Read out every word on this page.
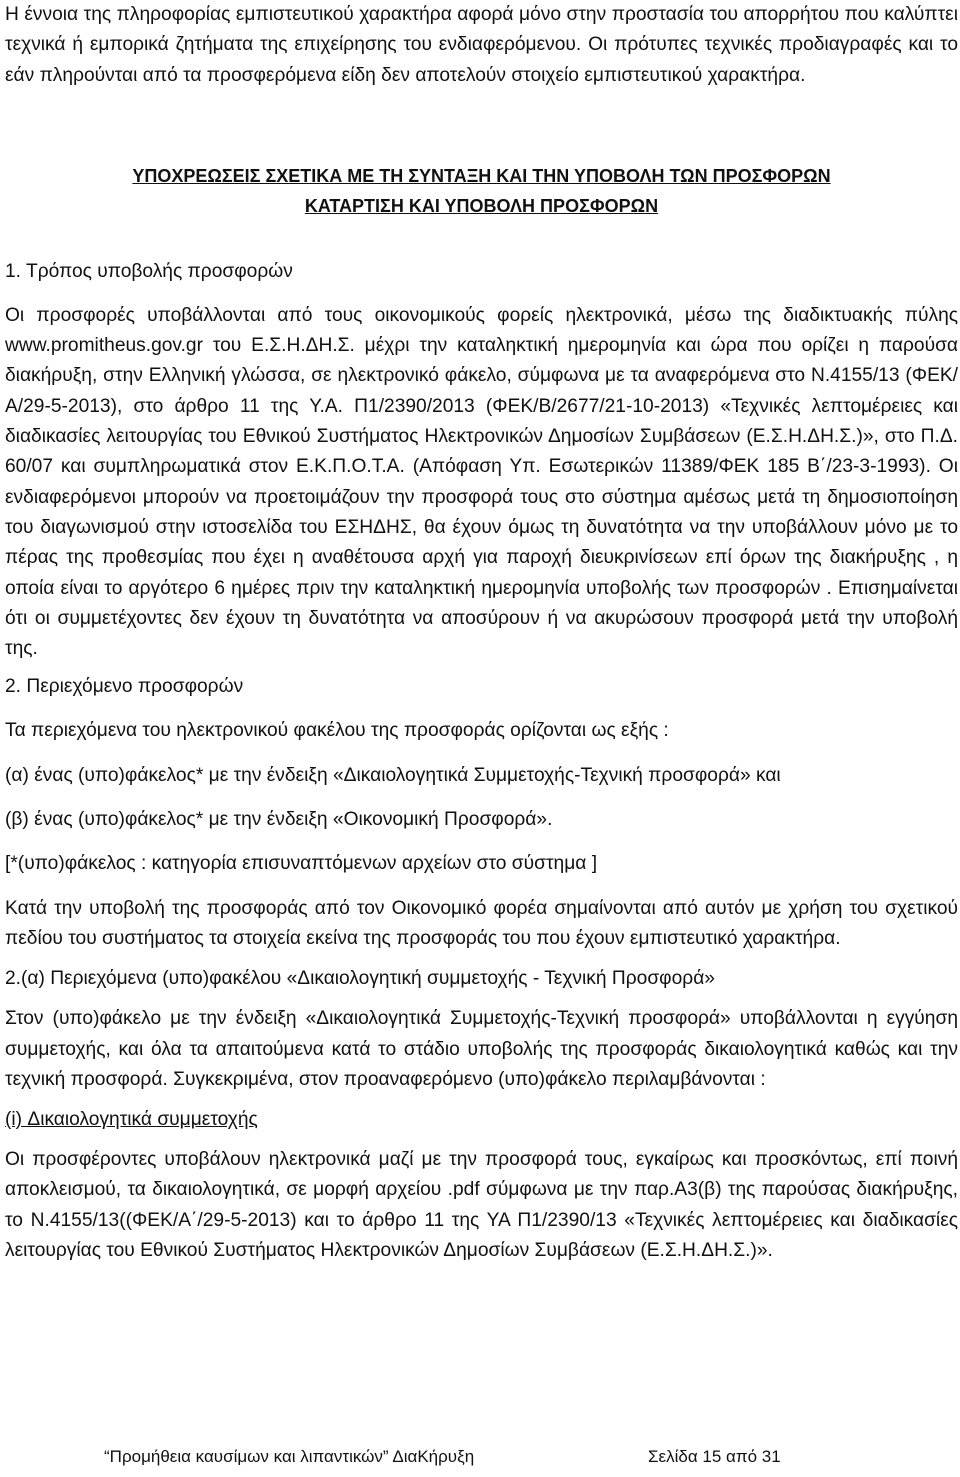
Η έννοια της πληροφορίας εμπιστευτικού χαρακτήρα αφορά μόνο στην προστασία του απορρήτου που καλύπτει τεχνικά ή εμπορικά ζητήματα της επιχείρησης του ενδιαφερόμενου. Οι πρότυπες τεχνικές προδιαγραφές και το εάν πληρούνται από τα προσφερόμενα είδη δεν αποτελούν στοιχείο εμπιστευτικού χαρακτήρα.

ΥΠΟΧΡΕΩΣΕΙΣ ΣΧΕΤΙΚΑ ΜΕ ΤΗ ΣΥΝΤΑΞΗ ΚΑΙ ΤΗΝ ΥΠΟΒΟΛΗ ΤΩΝ ΠΡΟΣΦΟΡΩΝ

ΚΑΤΑΡΤΙΣΗ ΚΑΙ ΥΠΟΒΟΛΗ ΠΡΟΣΦΟΡΩΝ

1. Τρόπος υποβολής προσφορών

Οι προσφορές υποβάλλονται από τους οικονομικούς φορείς ηλεκτρονικά, μέσω της διαδικτυακής πύλης www.promitheus.gov.gr του Ε.Σ.Η.ΔΗ.Σ. μέχρι την καταληκτική ημερομηνία και ώρα που ορίζει η παρούσα διακήρυξη, στην Ελληνική γλώσσα, σε ηλεκτρονικό φάκελο, σύμφωνα με τα αναφερόμενα στο Ν.4155/13 (ΦΕΚ/Α/29-5-2013), στο άρθρο 11 της Υ.Α. Π1/2390/2013 (ΦΕΚ/Β/2677/21-10-2013) «Τεχνικές λεπτομέρειες και διαδικασίες λειτουργίας του Εθνικού Συστήματος Ηλεκτρονικών Δημοσίων Συμβάσεων (Ε.Σ.Η.ΔΗ.Σ.)», στο Π.Δ. 60/07 και συμπληρωματικά στον Ε.Κ.Π.Ο.Τ.Α. (Απόφαση Υπ. Εσωτερικών 11389/ΦΕΚ 185 Β΄/23-3-1993). Οι ενδιαφερόμενοι μπορούν να προετοιμάζουν την προσφορά τους στο σύστημα αμέσως μετά τη δημοσιοποίηση του διαγωνισμού στην ιστοσελίδα του ΕΣΗΔΗΣ, θα έχουν όμως τη δυνατότητα να την υποβάλλουν μόνο με το πέρας της προθεσμίας που έχει η αναθέτουσα αρχή για παροχή διευκρινίσεων επί όρων της διακήρυξης , η οποία είναι το αργότερο 6 ημέρες πριν την καταληκτική ημερομηνία υποβολής των προσφορών . Επισημαίνεται ότι οι συμμετέχοντες δεν έχουν τη δυνατότητα να αποσύρουν ή να ακυρώσουν προσφορά μετά την υποβολή της.

2. Περιεχόμενο προσφορών

Τα περιεχόμενα του ηλεκτρονικού φακέλου της προσφοράς ορίζονται ως εξής :

(α) ένας (υπο)φάκελος* με την ένδειξη «Δικαιολογητικά Συμμετοχής-Τεχνική προσφορά» και

(β) ένας (υπο)φάκελος* με την ένδειξη «Οικονομική Προσφορά».

[*(υπο)φάκελος : κατηγορία επισυναπτόμενων αρχείων στο σύστημα ]

Κατά την υποβολή της προσφοράς από τον Οικονομικό φορέα σημαίνονται από αυτόν με χρήση του σχετικού πεδίου του συστήματος τα στοιχεία εκείνα της προσφοράς του που έχουν εμπιστευτικό χαρακτήρα.

2.(α) Περιεχόμενα (υπο)φακέλου «Δικαιολογητική συμμετοχής - Τεχνική Προσφορά»

Στον (υπο)φάκελο με την ένδειξη «Δικαιολογητικά Συμμετοχής-Τεχνική προσφορά» υποβάλλονται η εγγύηση συμμετοχής, και όλα τα απαιτούμενα κατά το στάδιο υποβολής της προσφοράς δικαιολογητικά καθώς και την τεχνική προσφορά. Συγκεκριμένα, στον προαναφερόμενο (υπο)φάκελο περιλαμβάνονται :

(i) Δικαιολογητικά συμμετοχής

Οι προσφέροντες υποβάλουν ηλεκτρονικά μαζί με την προσφορά τους, εγκαίρως και προσκόντως, επί ποινή αποκλεισμού, τα δικαιολογητικά, σε μορφή αρχείου .pdf σύμφωνα με την παρ.Α3(β) της παρούσας διακήρυξης, το Ν.4155/13((ΦΕΚ/Α΄/29-5-2013) και το άρθρο 11 της ΥΑ Π1/2390/13 «Τεχνικές λεπτομέρειες και διαδικασίες λειτουργίας του Εθνικού Συστήματος Ηλεκτρονικών Δημοσίων Συμβάσεων (Ε.Σ.Η.ΔΗ.Σ.)».

“Προμήθεια καυσίμων και λιπαντικών” ΔιαΚήρυξη	Σελίδα 15 από 31
